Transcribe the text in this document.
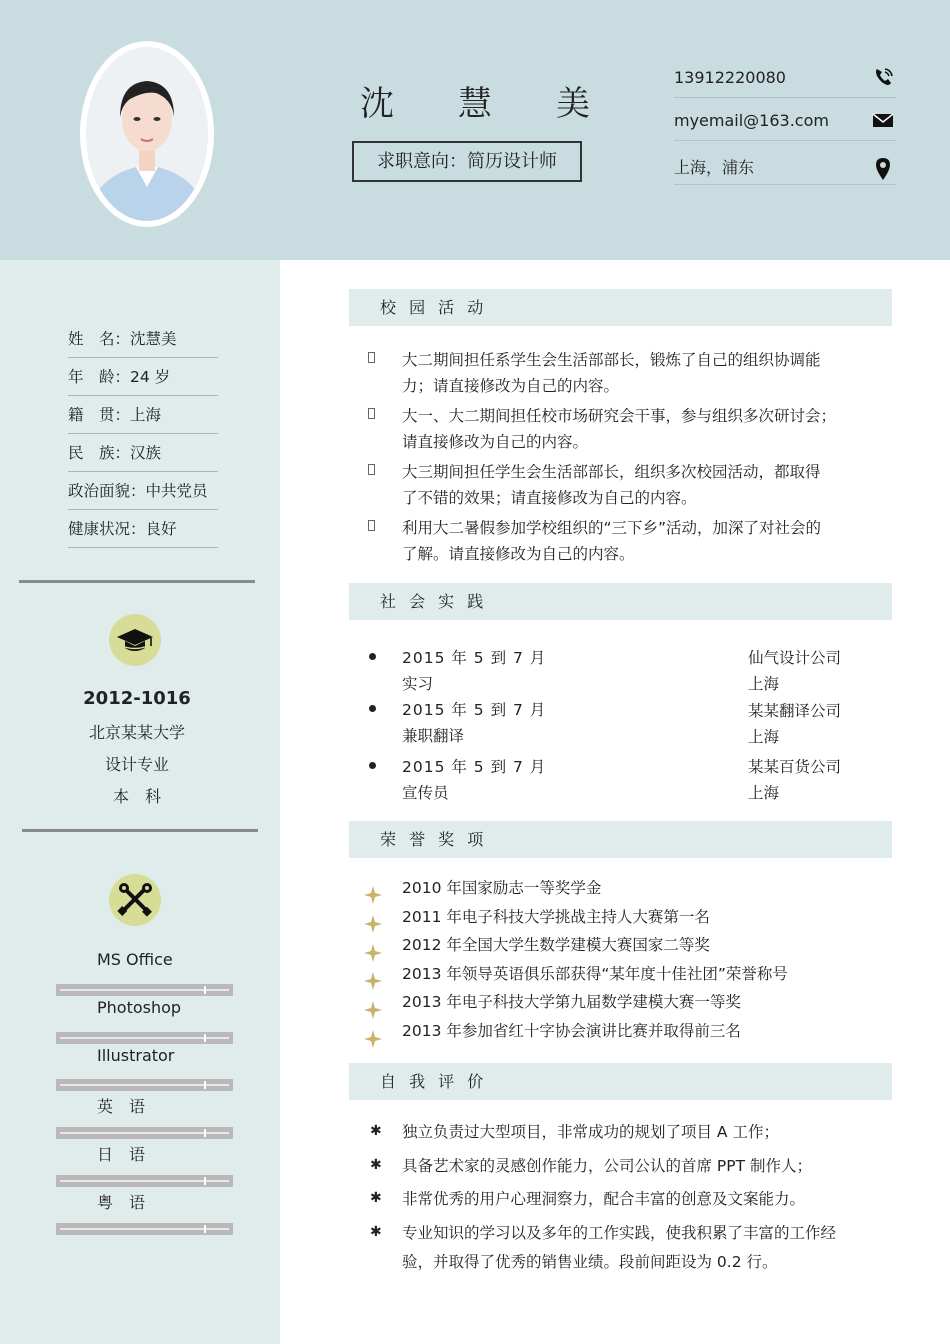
沈 慧 美
求职意向：简历设计师
13912220080
myemail@163.com
上海，浦东
姓　名：沈慧美
年　龄：24 岁
籍　贯：上海
民　族：汉族
政治面貌：中共党员
健康状况：良好
2012-1016
北京某某大学
设计专业
本　科
MS Office
Photoshop
Illustrator
英　语
日　语
粤　语
校 园 活 动
大二期间担任系学生会生活部部长，锻炼了自己的组织协调能
力；请直接修改为自己的内容。
大一、大二期间担任校市场研究会干事，参与组织多次研讨会；
请直接修改为自己的内容。
大三期间担任学生会生活部部长，组织多次校园活动，都取得
了不错的效果；请直接修改为自己的内容。
利用大二暑假参加学校组织的“三下乡”活动，加深了对社会的
了解。请直接修改为自己的内容。
社 会 实 践
2015 年 5 到 7 月
实习
仙气设计公司
上海
2015 年 5 到 7 月
兼职翻译
某某翻译公司
上海
2015 年 5 到 7 月
宣传员
某某百货公司
上海
荣 誉 奖 项
2010 年国家励志一等奖学金
2011 年电子科技大学挑战主持人大赛第一名
2012 年全国大学生数学建模大赛国家二等奖
2013 年领导英语俱乐部获得“某年度十佳社团”荣誉称号
2013 年电子科技大学第九届数学建模大赛一等奖
2013 年参加省红十字协会演讲比赛并取得前三名
自 我 评 价
✱ 独立负责过大型项目，非常成功的规划了项目 A 工作；
✱ 具备艺术家的灵感创作能力，公司公认的首席 PPT 制作人；
✱ 非常优秀的用户心理洞察力，配合丰富的创意及文案能力。
✱ 专业知识的学习以及多年的工作实践，使我积累了丰富的工作经
验，并取得了优秀的销售业绩。段前间距设为 0.2 行。
